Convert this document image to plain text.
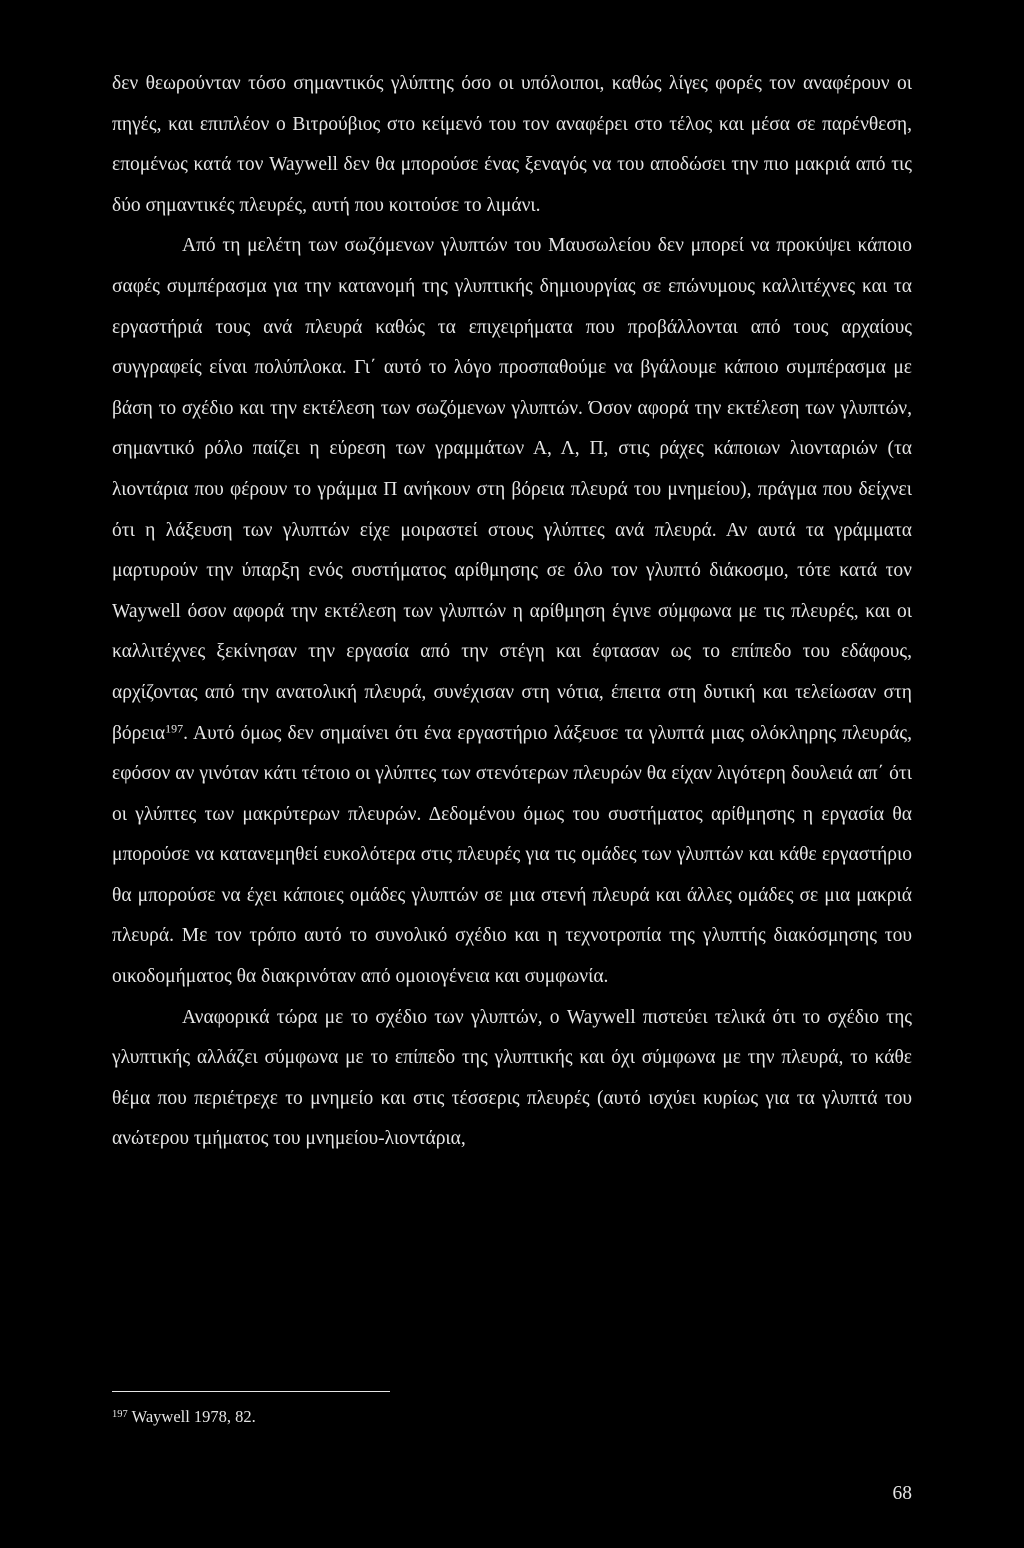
δεν θεωρούνταν τόσο σημαντικός γλύπτης όσο οι υπόλοιποι, καθώς λίγες φορές τον αναφέρουν οι πηγές, και επιπλέον ο Βιτρούβιος στο κείμενό του τον αναφέρει στο τέλος και μέσα σε παρένθεση, επομένως κατά τον Waywell δεν θα μπορούσε ένας ξεναγός να του αποδώσει την πιο μακριά από τις δύο σημαντικές πλευρές, αυτή που κοιτούσε το λιμάνι.

Από τη μελέτη των σωζόμενων γλυπτών του Μαυσωλείου δεν μπορεί να προκύψει κάποιο σαφές συμπέρασμα για την κατανομή της γλυπτικής δημιουργίας σε επώνυμους καλλιτέχνες και τα εργαστήριά τους ανά πλευρά καθώς τα επιχειρήματα που προβάλλονται από τους αρχαίους συγγραφείς είναι πολύπλοκα. Γι΄ αυτό το λόγο προσπαθούμε να βγάλουμε κάποιο συμπέρασμα με βάση το σχέδιο και την εκτέλεση των σωζόμενων γλυπτών. Όσον αφορά την εκτέλεση των γλυπτών, σημαντικό ρόλο παίζει η εύρεση των γραμμάτων Α, Λ, Π, στις ράχες κάποιων λιονταριών (τα λιοντάρια που φέρουν το γράμμα Π ανήκουν στη βόρεια πλευρά του μνημείου), πράγμα που δείχνει ότι η λάξευση των γλυπτών είχε μοιραστεί στους γλύπτες ανά πλευρά. Αν αυτά τα γράμματα μαρτυρούν την ύπαρξη ενός συστήματος αρίθμησης σε όλο τον γλυπτό διάκοσμο, τότε κατά τον Waywell όσον αφορά την εκτέλεση των γλυπτών η αρίθμηση έγινε σύμφωνα με τις πλευρές, και οι καλλιτέχνες ξεκίνησαν την εργασία από την στέγη και έφτασαν ως το επίπεδο του εδάφους, αρχίζοντας από την ανατολική πλευρά, συνέχισαν στη νότια, έπειτα στη δυτική και τελείωσαν στη βόρεια$^{197}$. Αυτό όμως δεν σημαίνει ότι ένα εργαστήριο λάξευσε τα γλυπτά μιας ολόκληρης πλευράς, εφόσον αν γινόταν κάτι τέτοιο οι γλύπτες των στενότερων πλευρών θα είχαν λιγότερη δουλειά απ΄ ότι οι γλύπτες των μακρύτερων πλευρών. Δεδομένου όμως του συστήματος αρίθμησης η εργασία θα μπορούσε να κατανεμηθεί ευκολότερα στις πλευρές για τις ομάδες των γλυπτών και κάθε εργαστήριο θα μπορούσε να έχει κάποιες ομάδες γλυπτών σε μια στενή πλευρά και άλλες ομάδες σε μια μακριά πλευρά. Με τον τρόπο αυτό το συνολικό σχέδιο και η τεχνοτροπία της γλυπτής διακόσμησης του οικοδομήματος θα διακρινόταν από ομοιογένεια και συμφωνία.

Αναφορικά τώρα με το σχέδιο των γλυπτών, ο Waywell πιστεύει τελικά ότι το σχέδιο της γλυπτικής αλλάζει σύμφωνα με το επίπεδο της γλυπτικής και όχι σύμφωνα με την πλευρά, το κάθε θέμα που περιέτρεχε το μνημείο και στις τέσσερις πλευρές (αυτό ισχύει κυρίως για τα γλυπτά του ανώτερου τμήματος του μνημείου-λιοντάρια,

$^{197}$ Waywell 1978, 82.
68
